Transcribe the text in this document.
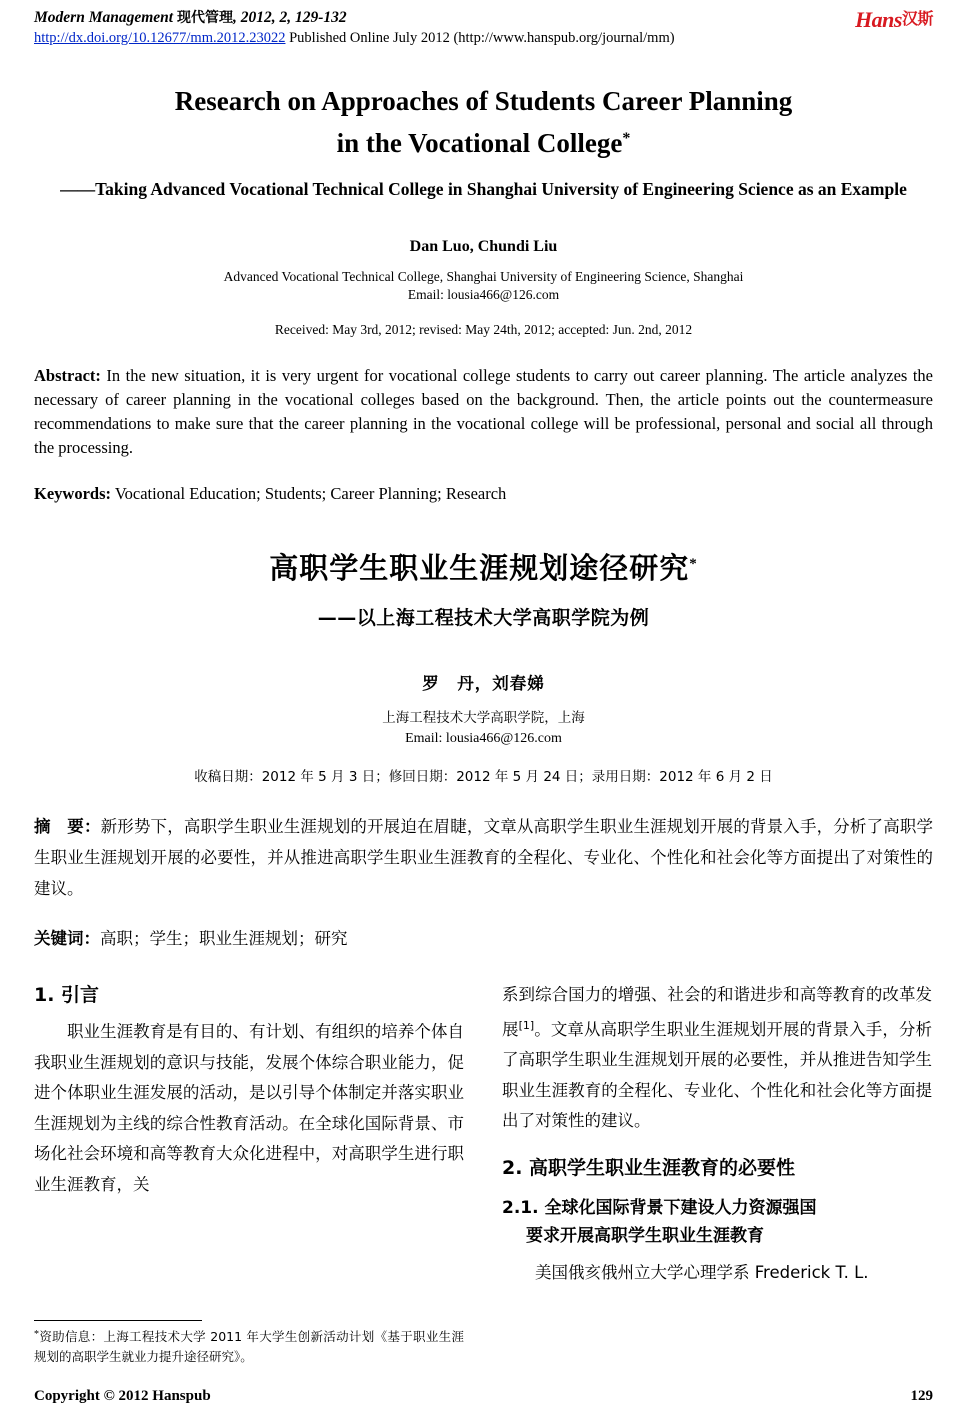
Modern Management 现代管理, 2012, 2, 129-132
http://dx.doi.org/10.12677/mm.2012.23022 Published Online July 2012 (http://www.hanspub.org/journal/mm)
Hans汉斯
Research on Approaches of Students Career Planning
in the Vocational College*
——Taking Advanced Vocational Technical College in Shanghai University of Engineering Science as an Example
Dan Luo, Chundi Liu
Advanced Vocational Technical College, Shanghai University of Engineering Science, Shanghai
Email: lousia466@126.com
Received: May 3rd, 2012; revised: May 24th, 2012; accepted: Jun. 2nd, 2012
Abstract: In the new situation, it is very urgent for vocational college students to carry out career planning. The article analyzes the necessary of career planning in the vocational colleges based on the background. Then, the article points out the countermeasure recommendations to make sure that the career planning in the vocational college will be professional, personal and social all through the processing.
Keywords: Vocational Education; Students; Career Planning; Research
高职学生职业生涯规划途径研究*
——以上海工程技术大学高职学院为例
罗　丹，刘春娣
上海工程技术大学高职学院，上海
Email: lousia466@126.com
收稿日期：2012 年 5 月 3 日；修回日期：2012 年 5 月 24 日；录用日期：2012 年 6 月 2 日
摘　要：新形势下，高职学生职业生涯规划的开展迫在眉睫，文章从高职学生职业生涯规划开展的背景入手，分析了高职学生职业生涯规划开展的必要性，并从推进高职学生职业生涯教育的全程化、专业化、个性化和社会化等方面提出了对策性的建议。
关键词：高职；学生；职业生涯规划；研究
1. 引言

职业生涯教育是有目的、有计划、有组织的培养个体自我职业生涯规划的意识与技能，发展个体综合职业能力，促进个体职业生涯发展的活动，是以引导个体制定并落实职业生涯规划为主线的综合性教育活动。在全球化国际背景、市场化社会环境和高等教育大众化进程中，对高职学生进行职业生涯教育，关

系到综合国力的增强、社会的和谐进步和高等教育的改革发展[1]。文章从高职学生职业生涯规划开展的背景入手，分析了高职学生职业生涯规划开展的必要性，并从推进告知学生职业生涯教育的全程化、专业化、个性化和社会化等方面提出了对策性的建议。

2. 高职学生职业生涯教育的必要性
2.1. 全球化国际背景下建设人力资源强国
要求开展高职学生职业生涯教育

美国俄亥俄州立大学心理学系 Frederick T. L.

*资助信息：上海工程技术大学 2011 年大学生创新活动计划《基于职业生涯规划的高职学生就业力提升途径研究》。
Copyright © 2012 Hanspub	129
